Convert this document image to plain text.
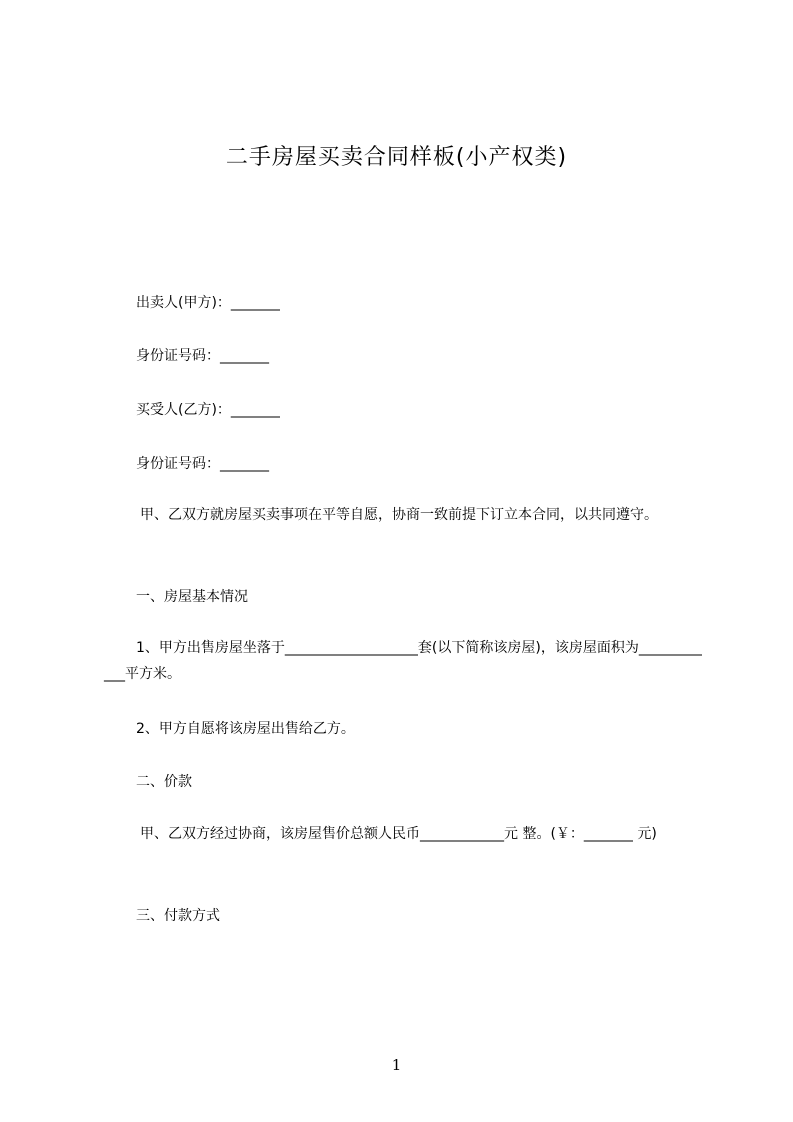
二手房屋买卖合同样板(小产权类)
出卖人(甲方)：_______
身份证号码：_______
买受人(乙方)：_______
身份证号码：_______
甲、乙双方就房屋买卖事项在平等自愿，协商一致前提下订立本合同，以共同遵守。
一、房屋基本情况
1、甲方出售房屋坐落于___________________套(以下简称该房屋)，该房屋面积为____________平方米。
2、甲方自愿将该房屋出售给乙方。
二、价款
甲、乙双方经过协商，该房屋售价总额人民币____________元 整。(￥：_______ 元)
三、付款方式
1
